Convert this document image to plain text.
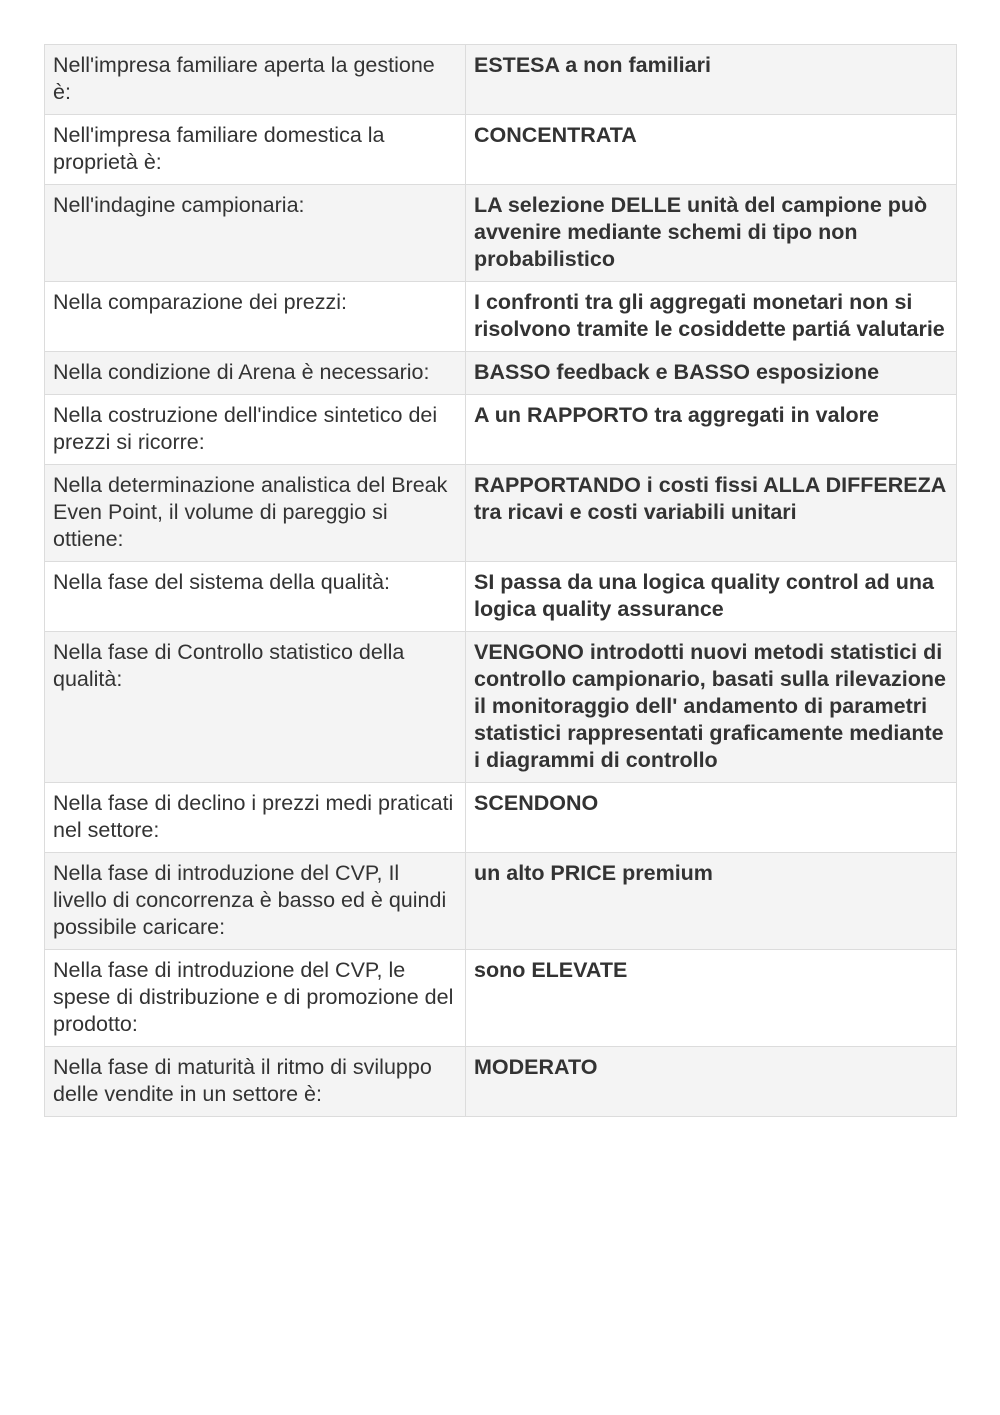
Nell'impresa familiare aperta la gestione è:	ESTESA a non familiari
Nell'impresa familiare domestica la proprietà è:	CONCENTRATA
Nell'indagine campionaria:	LA selezione DELLE unità del campione può avvenire mediante schemi di tipo non probabilistico
Nella comparazione dei prezzi:	I confronti tra gli aggregati monetari non si risolvono tramite le cosiddette partiá valutarie
Nella condizione di Arena è necessario:	BASSO feedback e BASSO esposizione
Nella costruzione dell'indice sintetico dei prezzi si ricorre:	A un RAPPORTO tra aggregati in valore
Nella determinazione analistica del Break Even Point, il volume di pareggio si ottiene:	RAPPORTANDO i costi fissi ALLA DIFFEREZA tra ricavi e costi variabili unitari
Nella fase del sistema della qualità:	SI passa da una logica quality control ad una logica quality assurance
Nella fase di Controllo statistico della qualità:	VENGONO introdotti nuovi metodi statistici di controllo campionario, basati sulla rilevazione il monitoraggio dell' andamento di parametri statistici rappresentati graficamente mediante i diagrammi di controllo
Nella fase di declino i prezzi medi praticati nel settore:	SCENDONO
Nella fase di introduzione del CVP, Il livello di concorrenza è basso ed è quindi possibile caricare:	un alto PRICE premium
Nella fase di introduzione del CVP, le spese di distribuzione e di promozione del prodotto:	sono ELEVATE
Nella fase di maturità il ritmo di sviluppo delle vendite in un settore è:	MODERATO
